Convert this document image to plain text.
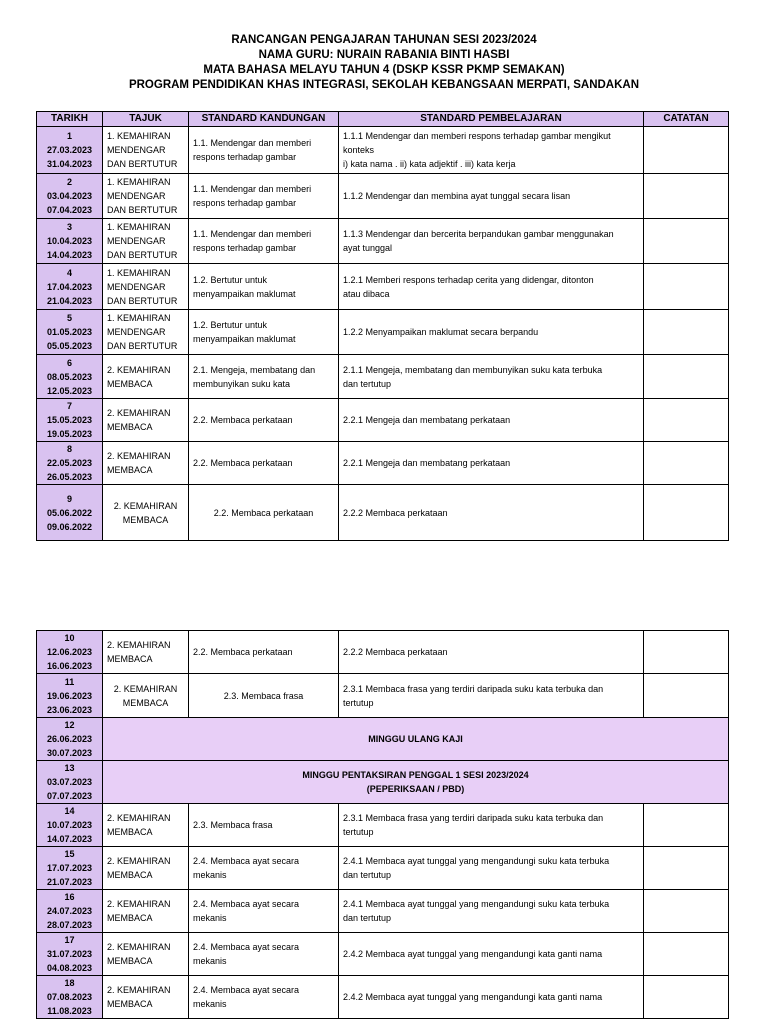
RANCANGAN PENGAJARAN TAHUNAN SESI 2023/2024
NAMA GURU: NURAIN RABANIA BINTI HASBI
MATA BAHASA MELAYU TAHUN 4 (DSKP KSSR PKMP SEMAKAN)
PROGRAM PENDIDIKAN KHAS INTEGRASI, SEKOLAH KEBANGSAAN MERPATI, SANDAKAN
TARIKH	TAJUK	STANDARD KANDUNGAN	STANDARD PEMBELAJARAN	CATATAN

1
27.03.2023
31.04.2023	1. KEMAHIRAN
MENDENGAR
DAN BERTUTUR	1.1. Mendengar dan memberi
respons terhadap gambar	1.1.1 Mendengar dan memberi respons terhadap gambar mengikut
konteks
i) kata nama . ii) kata adjektif . iii) kata kerja	

2
03.04.2023
07.04.2023	1. KEMAHIRAN
MENDENGAR
DAN BERTUTUR	1.1. Mendengar dan memberi
respons terhadap gambar	1.1.2 Mendengar dan membina ayat tunggal secara lisan	

3
10.04.2023
14.04.2023	1. KEMAHIRAN
MENDENGAR
DAN BERTUTUR	1.1. Mendengar dan memberi
respons terhadap gambar	1.1.3 Mendengar dan bercerita berpandukan gambar menggunakan
ayat tunggal	

4
17.04.2023
21.04.2023	1. KEMAHIRAN
MENDENGAR
DAN BERTUTUR	1.2. Bertutur untuk
menyampaikan maklumat	1.2.1 Memberi respons terhadap cerita yang didengar, ditonton
atau dibaca	

5
01.05.2023
05.05.2023	1. KEMAHIRAN
MENDENGAR
DAN BERTUTUR	1.2. Bertutur untuk
menyampaikan maklumat	1.2.2 Menyampaikan maklumat secara berpandu	

6
08.05.2023
12.05.2023	2. KEMAHIRAN
MEMBACA	2.1. Mengeja, membatang dan
membunyikan suku kata	2.1.1 Mengeja, membatang dan membunyikan suku kata terbuka
dan tertutup	

7
15.05.2023
19.05.2023	2. KEMAHIRAN
MEMBACA	2.2. Membaca perkataan	2.2.1 Mengeja dan membatang perkataan	

8
22.05.2023
26.05.2023	2. KEMAHIRAN
MEMBACA	2.2. Membaca perkataan	2.2.1 Mengeja dan membatang perkataan	

9
05.06.2022
09.06.2022	2. KEMAHIRAN
MEMBACA	2.2. Membaca perkataan	2.2.2 Membaca perkataan	

10
12.06.2023
16.06.2023	2. KEMAHIRAN
MEMBACA	2.2. Membaca perkataan	2.2.2 Membaca perkataan	

11
19.06.2023
23.06.2023	2. KEMAHIRAN
MEMBACA	2.3. Membaca frasa	2.3.1 Membaca frasa yang terdiri daripada suku kata terbuka dan
tertutup	

12
26.06.2023
30.07.2023	MINGGU ULANG KAJI			

13
03.07.2023
07.07.2023	MINGGU PENTAKSIRAN PENGGAL 1 SESI 2023/2024
(PEPERIKSAAN / PBD)			

14
10.07.2023
14.07.2023	2. KEMAHIRAN
MEMBACA	2.3. Membaca frasa	2.3.1 Membaca frasa yang terdiri daripada suku kata terbuka dan
tertutup	

15
17.07.2023
21.07.2023	2. KEMAHIRAN
MEMBACA	2.4. Membaca ayat secara
mekanis	2.4.1 Membaca ayat tunggal yang mengandungi suku kata terbuka
dan tertutup	

16
24.07.2023
28.07.2023	2. KEMAHIRAN
MEMBACA	2.4. Membaca ayat secara
mekanis	2.4.1 Membaca ayat tunggal yang mengandungi suku kata terbuka
dan tertutup	

17
31.07.2023
04.08.2023	2. KEMAHIRAN
MEMBACA	2.4. Membaca ayat secara
mekanis	2.4.2 Membaca ayat tunggal yang mengandungi kata ganti nama	

18
07.08.2023
11.08.2023	2. KEMAHIRAN
MEMBACA	2.4. Membaca ayat secara
mekanis	2.4.2 Membaca ayat tunggal yang mengandungi kata ganti nama	
